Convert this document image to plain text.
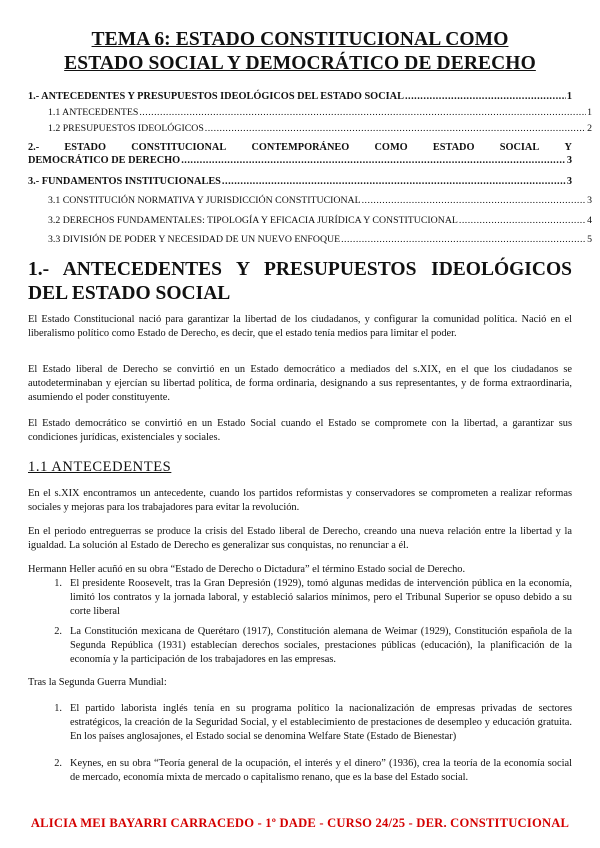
TEMA 6: ESTADO CONSTITUCIONAL COMO
ESTADO SOCIAL Y DEMOCRÁTICO DE DERECHO
1.- ANTECEDENTES Y PRESUPUESTOS IDEOLÓGICOS DEL ESTADO SOCIAL .....	1
1.1 ANTECEDENTES .....	1
1.2 PRESUPUESTOS IDEOLÓGICOS .....	2
2.- ESTADO CONSTITUCIONAL CONTEMPORÁNEO COMO ESTADO SOCIAL Y
DEMOCRÁTICO DE DERECHO .....	3
3.- FUNDAMENTOS INSTITUCIONALES .....	3
3.1 CONSTITUCIÓN NORMATIVA Y JURISDICCIÓN CONSTITUCIONAL .....	3
3.2 DERECHOS FUNDAMENTALES: TIPOLOGÍA Y EFICACIA JURÍDICA Y CONSTITUCIONAL .....	4
3.3 DIVISIÓN DE PODER Y NECESIDAD DE UN NUEVO ENFOQUE .....	5
1.- ANTECEDENTES Y PRESUPUESTOS IDEOLÓGICOS DEL ESTADO SOCIAL
El Estado Constitucional nació para garantizar la libertad de los ciudadanos, y configurar la comunidad política. Nació en el liberalismo político como Estado de Derecho, es decir, que el estado tenía medios para limitar el poder.
El Estado liberal de Derecho se convirtió en un Estado democrático a mediados del s.XIX, en el que los ciudadanos se autodeterminaban y ejercían su libertad política, de forma ordinaria, designando a sus representantes, y de forma extraordinaria, asumiendo el poder constituyente.
El Estado democrático se convirtió en un Estado Social cuando el Estado se compromete con la libertad, a garantizar sus condiciones jurídicas, existenciales y sociales.
1.1 ANTECEDENTES
En el s.XIX encontramos un antecedente, cuando los partidos reformistas y conservadores se comprometen a realizar reformas sociales y mejoras para los trabajadores para evitar la revolución.
En el periodo entreguerras se produce la crisis del Estado liberal de Derecho, creando una nueva relación entre la libertad y la igualdad. La solución al Estado de Derecho es generalizar sus conquistas, no renunciar a él.
Hermann Heller acuñó en su obra “Estado de Derecho o Dictadura” el término Estado social de Derecho.
1. El presidente Roosevelt, tras la Gran Depresión (1929), tomó algunas medidas de intervención pública en la economía, limitó los contratos y la jornada laboral, y estableció salarios mínimos, pero el Tribunal Superior se opuso debido a su corte liberal
2. La Constitución mexicana de Querétaro (1917), Constitución alemana de Weimar (1929), Constitución española de la Segunda República (1931) establecían derechos sociales, prestaciones públicas (educación), la planificación de la economía y la participación de los trabajadores en las empresas.
Tras la Segunda Guerra Mundial:
1. El partido laborista inglés tenía en su programa político la nacionalización de empresas privadas de sectores estratégicos, la creación de la Seguridad Social, y el establecimiento de prestaciones de desempleo y educación gratuita. En los países anglosajones, el Estado social se denomina Welfare State (Estado de Bienestar)
2. Keynes, en su obra “Teoría general de la ocupación, el interés y el dinero” (1936), crea la teoría de la economía social de mercado, economía mixta de mercado o capitalismo renano, que es la base del Estado social.
ALICIA MEI BAYARRI CARRACEDO - 1º DADE - CURSO 24/25 - DER. CONSTITUCIONAL
